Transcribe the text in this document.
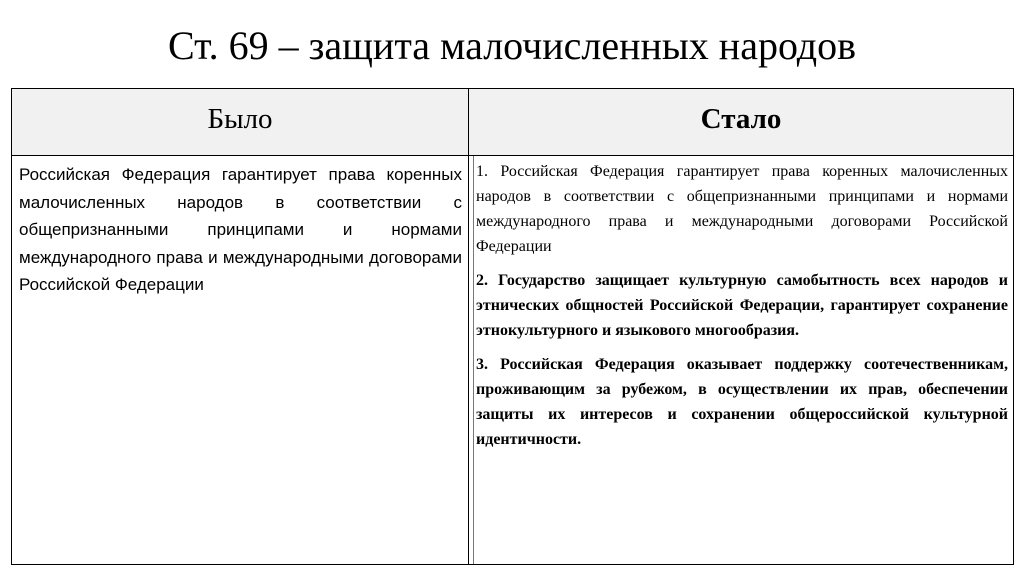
Ст. 69 – защита малочисленных народов
Было	Стало
Российская Федерация гарантирует права коренных малочисленных народов в соответствии с общепризнанными принципами и нормами международного права и международными договорами Российской Федерации

1. Российская Федерация гарантирует права коренных малочисленных народов в соответствии с общепризнанными принципами и нормами международного права и международными договорами Российской Федерации

2. Государство защищает культурную самобытность всех народов и этнических общностей Российской Федерации, гарантирует сохранение этнокультурного и языкового многообразия.

3. Российская Федерация оказывает поддержку соотечественникам, проживающим за рубежом, в осуществлении их прав, обеспечении защиты их интересов и сохранении общероссийской культурной идентичности.
